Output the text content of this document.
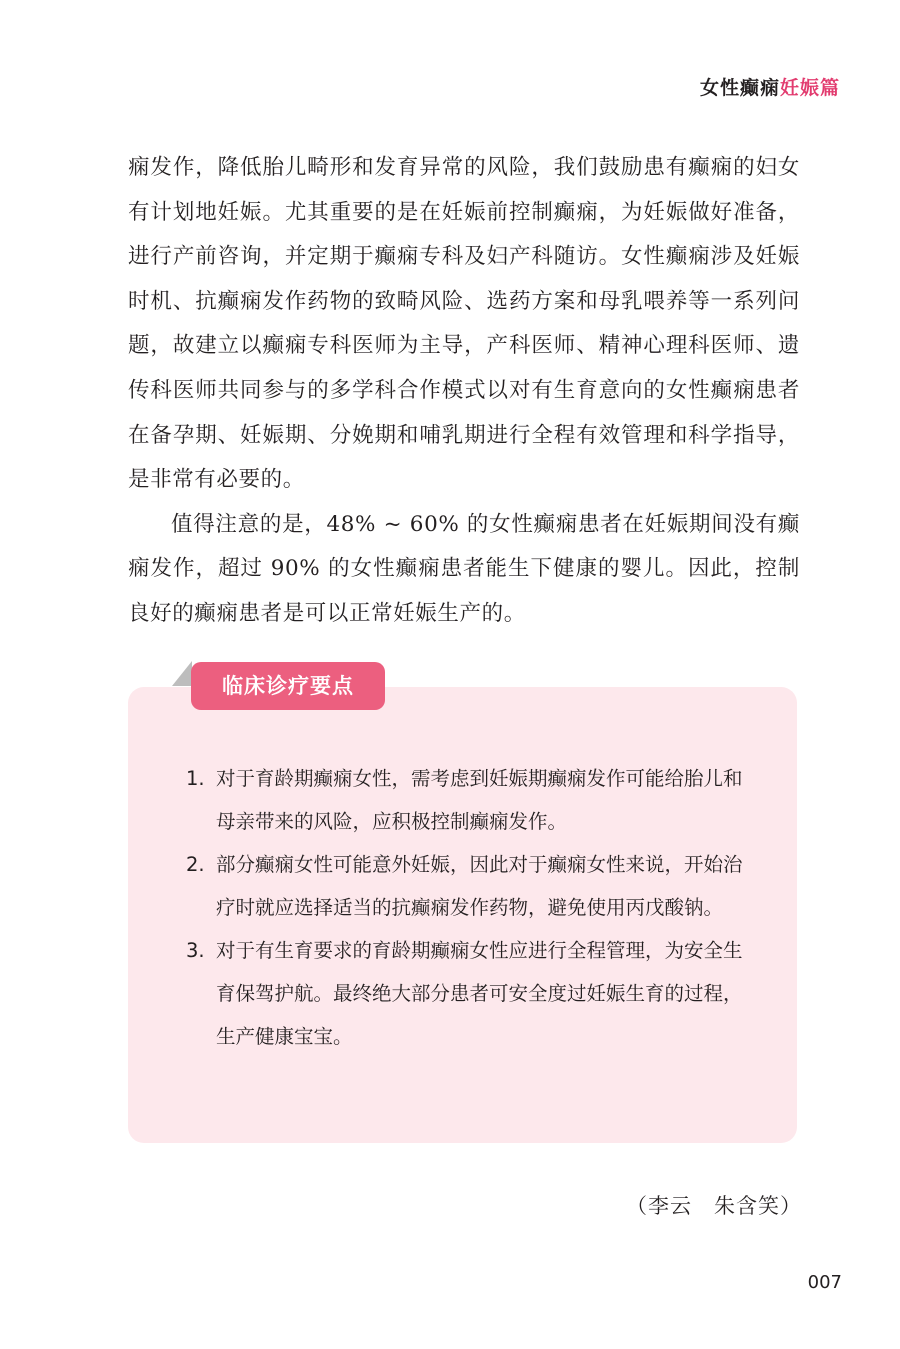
女性癫痫妊娠篇

痫发作，降低胎儿畸形和发育异常的风险，我们鼓励患有癫痫的妇女有计划地妊娠。尤其重要的是在妊娠前控制癫痫，为妊娠做好准备，进行产前咨询，并定期于癫痫专科及妇产科随访。女性癫痫涉及妊娠时机、抗癫痫发作药物的致畸风险、选药方案和母乳喂养等一系列问题，故建立以癫痫专科医师为主导，产科医师、精神心理科医师、遗传科医师共同参与的多学科合作模式以对有生育意向的女性癫痫患者在备孕期、妊娠期、分娩期和哺乳期进行全程有效管理和科学指导，是非常有必要的。

值得注意的是，48% ~ 60% 的女性癫痫患者在妊娠期间没有癫痫发作，超过 90% 的女性癫痫患者能生下健康的婴儿。因此，控制良好的癫痫患者是可以正常妊娠生产的。

临床诊疗要点
1. 对于育龄期癫痫女性，需考虑到妊娠期癫痫发作可能给胎儿和母亲带来的风险，应积极控制癫痫发作。
2. 部分癫痫女性可能意外妊娠，因此对于癫痫女性来说，开始治疗时就应选择适当的抗癫痫发作药物，避免使用丙戊酸钠。
3. 对于有生育要求的育龄期癫痫女性应进行全程管理，为安全生育保驾护航。最终绝大部分患者可安全度过妊娠生育的过程，生产健康宝宝。
（李云　朱含笑）
007
